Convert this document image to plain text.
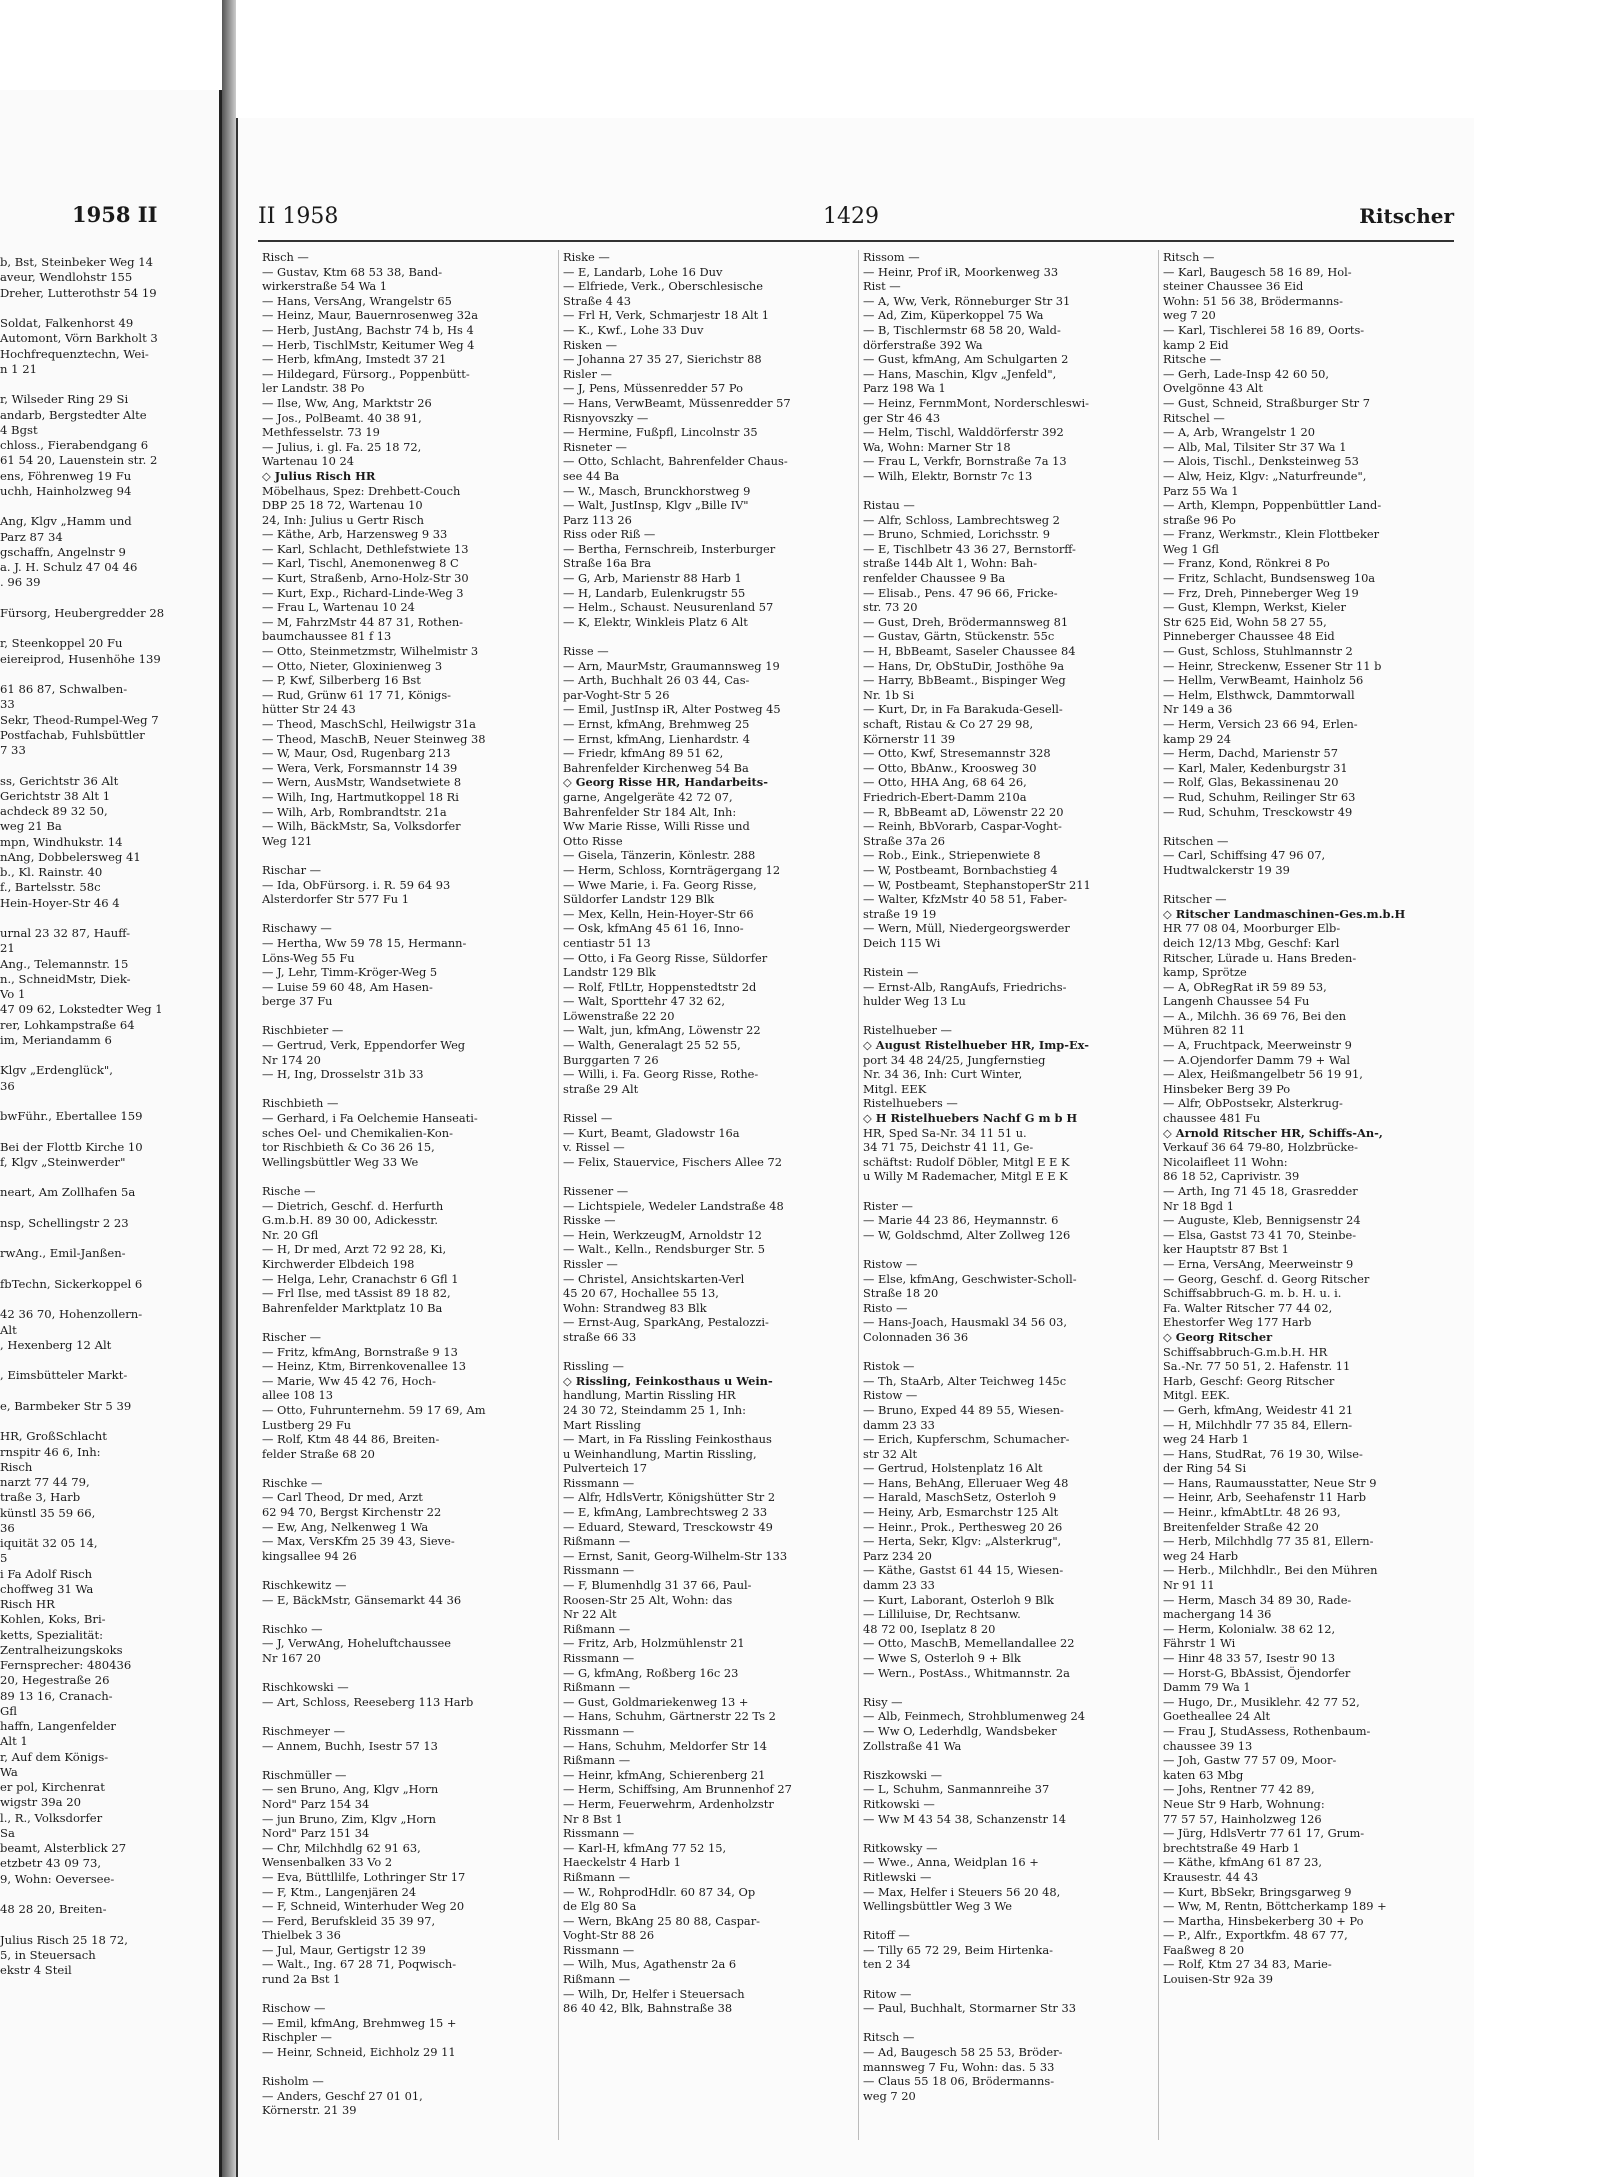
1958 II
b, Bst, Steinbeker Weg 14
aveur, Wendlohstr 155
Dreher, Lutterothstr 54 19

Soldat, Falkenhorst 49
Automont, Vörn Barkholt 3
Hochfrequenztechn, Wei-
n 1 21

r, Wilseder Ring 29 Si
andarb, Bergstedter Alte
4 Bgst
chloss., Fierabendgang 6
61 54 20, Lauenstein str. 2
ens, Föhrenweg 19 Fu
uchh, Hainholzweg 94

Ang, Klgv „Hamm und
Parz 87 34
gschaffn, Angelnstr 9
a. J. H. Schulz 47 04 46
. 96 39

Fürsorg, Heubergredder 28

r, Steenkoppel 20 Fu
eiereiprod, Husenhöhe 139

61 86 87, Schwalben-
33
Sekr, Theod-Rumpel-Weg 7
Postfachab, Fuhlsbüttler
7 33

ss, Gerichtstr 36 Alt
Gerichtstr 38 Alt 1
achdeck 89 32 50,
weg 21 Ba
mpn, Windhukstr. 14
nAng, Dobbelersweg 41
b., Kl. Rainstr. 40
f., Bartelsstr. 58c
Hein-Hoyer-Str 46 4

urnal 23 32 87, Hauff-
21
Ang., Telemannstr. 15
n., SchneidMstr, Diek-
Vo 1
47 09 62, Lokstedter Weg 1
rer, Lohkampstraße 64
im, Meriandamm 6

Klgv „Erdenglück",
36

bwFühr., Ebertallee 159

Bei der Flottb Kirche 10
f, Klgv „Steinwerder"

neart, Am Zollhafen 5a

nsp, Schellingstr 2 23

rwAng., Emil-Janßen-

fbTechn, Sickerkoppel 6

42 36 70, Hohenzollern-
Alt
, Hexenberg 12 Alt

, Eimsbütteler Markt-

e, Barmbeker Str 5 39

HR, GroßSchlacht
rnspitr 46 6, Inh:
Risch
narzt 77 44 79,
traße 3, Harb
künstl 35 59 66,
36
iquität 32 05 14,
5
i Fa Adolf Risch
choffweg 31 Wa
Risch HR
Kohlen, Koks, Bri-
ketts, Spezialität:
Zentralheizungskoks
Fernsprecher: 480436
20, Hegestraße 26
89 13 16, Cranach-
Gfl
haffn, Langenfelder
Alt 1
r, Auf dem Königs-
Wa
er pol, Kirchenrat
wigstr 39a 20
l., R., Volksdorfer
Sa
beamt, Alsterblick 27
etzbetr 43 09 73,
9, Wohn: Oeversee-

48 28 20, Breiten-

Julius Risch 25 18 72,
5, in Steuersach
ekstr 4 Steil
II 1958	1429	Ritscher
Risch —
— Gustav, Ktm 68 53 38, Band-
wirkerstraße 54 Wa 1
— Hans, VersAng, Wrangelstr 65
— Heinz, Maur, Bauernrosenweg 32a
— Herb, JustAng, Bachstr 74 b, Hs 4
— Herb, TischlMstr, Keitumer Weg 4
— Herb, kfmAng, Imstedt 37 21
— Hildegard, Fürsorg., Poppenbütt-
ler Landstr. 38 Po
— Ilse, Ww, Ang, Marktstr 26
— Jos., PolBeamt. 40 38 91,
Methfesselstr. 73 19
— Julius, i. gl. Fa. 25 18 72,
Wartenau 10 24
◇ Julius Risch HR
Möbelhaus, Spez: Drehbett-Couch
DBP 25 18 72, Wartenau 10
24, Inh: Julius u Gertr Risch
— Käthe, Arb, Harzensweg 9 33
— Karl, Schlacht, Dethlefstwiete 13
— Karl, Tischl, Anemonenweg 8 C
— Kurt, Straßenb, Arno-Holz-Str 30
— Kurt, Exp., Richard-Linde-Weg 3
— Frau L, Wartenau 10 24
— M, FahrzMstr 44 87 31, Rothen-
baumchaussee 81 f 13
— Otto, Steinmetzmstr, Wilhelmistr 3
— Otto, Nieter, Gloxinienweg 3
— P, Kwf, Silberberg 16 Bst
— Rud, Grünw 61 17 71, Königs-
hütter Str 24 43
— Theod, MaschSchl, Heilwigstr 31a
— Theod, MaschB, Neuer Steinweg 38
— W, Maur, Osd, Rugenbarg 213
— Wera, Verk, Forsmannstr 14 39
— Wern, AusMstr, Wandsetwiete 8
— Wilh, Ing, Hartmutkoppel 18 Ri
— Wilh, Arb, Rombrandtstr. 21a
— Wilh, BäckMstr, Sa, Volksdorfer
Weg 121

Rischar —
— Ida, ObFürsorg. i. R. 59 64 93
Alsterdorfer Str 577 Fu 1

Rischawy —
— Hertha, Ww 59 78 15, Hermann-
Löns-Weg 55 Fu
— J, Lehr, Timm-Kröger-Weg 5
— Luise 59 60 48, Am Hasen-
berge 37 Fu

Rischbieter —
— Gertrud, Verk, Eppendorfer Weg
Nr 174 20
— H, Ing, Drosselstr 31b 33

Rischbieth —
— Gerhard, i Fa Oelchemie Hanseati-
sches Oel- und Chemikalien-Kon-
tor Rischbieth & Co 36 26 15,
Wellingsbüttler Weg 33 We

Rische —
— Dietrich, Geschf. d. Herfurth
G.m.b.H. 89 30 00, Adickesstr.
Nr. 20 Gfl
— H, Dr med, Arzt 72 92 28, Ki,
Kirchwerder Elbdeich 198
— Helga, Lehr, Cranachstr 6 Gfl 1
— Frl Ilse, med tAssist 89 18 82,
Bahrenfelder Marktplatz 10 Ba

Rischer —
— Fritz, kfmAng, Bornstraße 9 13
— Heinz, Ktm, Birrenkovenallee 13
— Marie, Ww 45 42 76, Hoch-
allee 108 13
— Otto, Fuhrunternehm. 59 17 69, Am
Lustberg 29 Fu
— Rolf, Ktm 48 44 86, Breiten-
felder Straße 68 20

Rischke —
— Carl Theod, Dr med, Arzt
62 94 70, Bergst Kirchenstr 22
— Ew, Ang, Nelkenweg 1 Wa
— Max, VersKfm 25 39 43, Sieve-
kingsallee 94 26

Rischkewitz —
— E, BäckMstr, Gänsemarkt 44 36

Rischko —
— J, VerwAng, Hoheluftchaussee
Nr 167 20

Rischkowski —
— Art, Schloss, Reeseberg 113 Harb

Rischmeyer —
— Annem, Buchh, Isestr 57 13

Rischmüller —
— sen Bruno, Ang, Klgv „Horn
Nord" Parz 154 34
— jun Bruno, Zim, Klgv „Horn
Nord" Parz 151 34
— Chr, Milchhdlg 62 91 63,
Wensenbalken 33 Vo 2
— Eva, Büttllilfe, Lothringer Str 17
— F, Ktm., Langenjären 24
— F, Schneid, Winterhuder Weg 20
— Ferd, Berufskleid 35 39 97,
Thielbek 3 36
— Jul, Maur, Gertigstr 12 39
— Walt., Ing. 67 28 71, Poqwisch-
rund 2a Bst 1

Rischow —
— Emil, kfmAng, Brehmweg 15 +
Rischpler —
— Heinr, Schneid, Eichholz 29 11

Risholm —
— Anders, Geschf 27 01 01,
Körnerstr. 21 39
Riske —
— E, Landarb, Lohe 16 Duv
— Elfriede, Verk., Oberschlesische
Straße 4 43
— Frl H, Verk, Schmarjestr 18 Alt 1
— K., Kwf., Lohe 33 Duv
Risken —
— Johanna 27 35 27, Sierichstr 88
Risler —
— J, Pens, Müssenredder 57 Po
— Hans, VerwBeamt, Müssenredder 57
Risnyovszky —
— Hermine, Fußpfl, Lincolnstr 35
Risneter —
— Otto, Schlacht, Bahrenfelder Chaus-
see 44 Ba
— W., Masch, Brunckhorstweg 9
— Walt, JustInsp, Klgv „Bille IV"
Parz 113 26
Riss oder Riß —
— Bertha, Fernschreib, Insterburger
Straße 16a Bra
— G, Arb, Marienstr 88 Harb 1
— H, Landarb, Eulenkrugstr 55
— Helm., Schaust. Neusurenland 57
— K, Elektr, Winkleis Platz 6 Alt

Risse —
— Arn, MaurMstr, Graumannsweg 19
— Arth, Buchhalt 26 03 44, Cas-
par-Voght-Str 5 26
— Emil, JustInsp iR, Alter Postweg 45
— Ernst, kfmAng, Brehmweg 25
— Ernst, kfmAng, Lienhardstr. 4
— Friedr, kfmAng 89 51 62,
Bahrenfelder Kirchenweg 54 Ba
◇ Georg Risse HR, Handarbeits-
garne, Angelgeräte 42 72 07,
Bahrenfelder Str 184 Alt, Inh:
Ww Marie Risse, Willi Risse und
Otto Risse
— Gisela, Tänzerin, Könlestr. 288
— Herm, Schloss, Kornträgergang 12
— Wwe Marie, i. Fa. Georg Risse,
Süldorfer Landstr 129 Blk
— Mex, Kelln, Hein-Hoyer-Str 66
— Osk, kfmAng 45 61 16, Inno-
centiastr 51 13
— Otto, i Fa Georg Risse, Süldorfer
Landstr 129 Blk
— Rolf, FtlLtr, Hoppenstedtstr 2d
— Walt, Sporttehr 47 32 62,
Löwenstraße 22 20
— Walt, jun, kfmAng, Löwenstr 22
— Walth, Generalagt 25 52 55,
Burggarten 7 26
— Willi, i. Fa. Georg Risse, Rothe-
straße 29 Alt

Rissel —
— Kurt, Beamt, Gladowstr 16a
v. Rissel —
— Felix, Stauervice, Fischers Allee 72

Rissener —
— Lichtspiele, Wedeler Landstraße 48
Risske —
— Hein, WerkzeugM, Arnoldstr 12
— Walt., Kelln., Rendsburger Str. 5
Rissler —
— Christel, Ansichtskarten-Verl
45 20 67, Hochallee 55 13,
Wohn: Strandweg 83 Blk
— Ernst-Aug, SparkAng, Pestalozzi-
straße 66 33

Rissling —
◇ Rissling, Feinkosthaus u Wein-
handlung, Martin Rissling HR
24 30 72, Steindamm 25 1, Inh:
Mart Rissling
— Mart, in Fa Rissling Feinkosthaus
u Weinhandlung, Martin Rissling,
Pulverteich 17
Rissmann —
— Alfr, HdlsVertr, Königshütter Str 2
— E, kfmAng, Lambrechtsweg 2 33
— Eduard, Steward, Tresckowstr 49
Rißmann —
— Ernst, Sanit, Georg-Wilhelm-Str 133
Rissmann —
— F, Blumenhdlg 31 37 66, Paul-
Roosen-Str 25 Alt, Wohn: das
Nr 22 Alt
Rißmann —
— Fritz, Arb, Holzmühlenstr 21
Rissmann —
— G, kfmAng, Roßberg 16c 23
Rißmann —
— Gust, Goldmariekenweg 13 +
— Hans, Schuhm, Gärtnerstr 22 Ts 2
Rissmann —
— Hans, Schuhm, Meldorfer Str 14
Rißmann —
— Heinr, kfmAng, Schierenberg 21
— Herm, Schiffsing, Am Brunnenhof 27
— Herm, Feuerwehrm, Ardenholzstr
Nr 8 Bst 1
Rissmann —
— Karl-H, kfmAng 77 52 15,
Haeckelstr 4 Harb 1
Rißmann —
— W., RohprodHdlr. 60 87 34, Op
de Elg 80 Sa
— Wern, BkAng 25 80 88, Caspar-
Voght-Str 88 26
Rissmann —
— Wilh, Mus, Agathenstr 2a 6
Rißmann —
— Wilh, Dr, Helfer i Steuersach
86 40 42, Blk, Bahnstraße 38
Rissom —
— Heinr, Prof iR, Moorkenweg 33
Rist —
— A, Ww, Verk, Rönneburger Str 31
— Ad, Zim, Küperkoppel 75 Wa
— B, Tischlermstr 68 58 20, Wald-
dörferstraße 392 Wa
— Gust, kfmAng, Am Schulgarten 2
— Hans, Maschin, Klgv „Jenfeld",
Parz 198 Wa 1
— Heinz, FernmMont, Norderschleswi-
ger Str 46 43
— Helm, Tischl, Walddörferstr 392
Wa, Wohn: Marner Str 18
— Frau L, Verkfr, Bornstraße 7a 13
— Wilh, Elektr, Bornstr 7c 13

Ristau —
— Alfr, Schloss, Lambrechtsweg 2
— Bruno, Schmied, Lorichsstr. 9
— E, Tischlbetr 43 36 27, Bernstorff-
straße 144b Alt 1, Wohn: Bah-
renfelder Chaussee 9 Ba
— Elisab., Pens. 47 96 66, Fricke-
str. 73 20
— Gust, Dreh, Brödermannsweg 81
— Gustav, Gärtn, Stückenstr. 55c
— H, BbBeamt, Saseler Chaussee 84
— Hans, Dr, ObStuDir, Josthöhe 9a
— Harry, BbBeamt., Bispinger Weg
Nr. 1b Si
— Kurt, Dr, in Fa Barakuda-Gesell-
schaft, Ristau & Co 27 29 98,
Körnerstr 11 39
— Otto, Kwf, Stresemannstr 328
— Otto, BbAnw., Kroosweg 30
— Otto, HHA Ang, 68 64 26,
Friedrich-Ebert-Damm 210a
— R, BbBeamt aD, Löwenstr 22 20
— Reinh, BbVorarb, Caspar-Voght-
Straße 37a 26
— Rob., Eink., Striepenwiete 8
— W, Postbeamt, Bornbachstieg 4
— W, Postbeamt, StephanstoperStr 211
— Walter, KfzMstr 40 58 51, Faber-
straße 19 19
— Wern, Müll, Niedergeorgswerder
Deich 115 Wi

Ristein —
— Ernst-Alb, RangAufs, Friedrichs-
hulder Weg 13 Lu

Ristelhueber —
◇ August Ristelhueber HR, Imp-Ex-
port 34 48 24/25, Jungfernstieg
Nr. 34 36, Inh: Curt Winter,
Mitgl. EEK
Ristelhuebers —
◇ H Ristelhuebers Nachf G m b H
HR, Sped Sa-Nr. 34 11 51 u.
34 71 75, Deichstr 41 11, Ge-
schäftst: Rudolf Döbler, Mitgl E E K
u Willy M Rademacher, Mitgl E E K

Rister —
— Marie 44 23 86, Heymannstr. 6
— W, Goldschmd, Alter Zollweg 126

Ristow —
— Else, kfmAng, Geschwister-Scholl-
Straße 18 20
Risto —
— Hans-Joach, Hausmakl 34 56 03,
Colonnaden 36 36

Ristok —
— Th, StaArb, Alter Teichweg 145c
Ristow —
— Bruno, Exped 44 89 55, Wiesen-
damm 23 33
— Erich, Kupferschm, Schumacher-
str 32 Alt
— Gertrud, Holstenplatz 16 Alt
— Hans, BehAng, Elleruaer Weg 48
— Harald, MaschSetz, Osterloh 9
— Heiny, Arb, Esmarchstr 125 Alt
— Heinr., Prok., Perthesweg 20 26
— Herta, Sekr, Klgv: „Alsterkrug",
Parz 234 20
— Käthe, Gastst 61 44 15, Wiesen-
damm 23 33
— Kurt, Laborant, Osterloh 9 Blk
— Lilliluise, Dr, Rechtsanw.
48 72 00, Iseplatz 8 20
— Otto, MaschB, Memellandallee 22
— Wwe S, Osterloh 9 + Blk
— Wern., PostAss., Whitmannstr. 2a

Risy —
— Alb, Feinmech, Strohblumenweg 24
— Ww O, Lederhdlg, Wandsbeker
Zollstraße 41 Wa

Riszkowski —
— L, Schuhm, Sanmannreihe 37
Ritkowski —
— Ww M 43 54 38, Schanzenstr 14

Ritkowsky —
— Wwe., Anna, Weidplan 16 +
Ritlewski —
— Max, Helfer i Steuers 56 20 48,
Wellingsbüttler Weg 3 We

Ritoff —
— Tilly 65 72 29, Beim Hirtenka-
ten 2 34

Ritow —
— Paul, Buchhalt, Stormarner Str 33

Ritsch —
— Ad, Baugesch 58 25 53, Bröder-
mannsweg 7 Fu, Wohn: das. 5 33
— Claus 55 18 06, Brödermanns-
weg 7 20
Ritsch —
— Karl, Baugesch 58 16 89, Hol-
steiner Chaussee 36 Eid
Wohn: 51 56 38, Brödermanns-
weg 7 20
— Karl, Tischlerei 58 16 89, Oorts-
kamp 2 Eid
Ritsche —
— Gerh, Lade-Insp 42 60 50,
Ovelgönne 43 Alt
— Gust, Schneid, Straßburger Str 7
Ritschel —
— A, Arb, Wrangelstr 1 20
— Alb, Mal, Tilsiter Str 37 Wa 1
— Alois, Tischl., Denksteinweg 53
— Alw, Heiz, Klgv: „Naturfreunde",
Parz 55 Wa 1
— Arth, Klempn, Poppenbüttler Land-
straße 96 Po
— Franz, Werkmstr., Klein Flottbeker
Weg 1 Gfl
— Franz, Kond, Rönkrei 8 Po
— Fritz, Schlacht, Bundsensweg 10a
— Frz, Dreh, Pinneberger Weg 19
— Gust, Klempn, Werkst, Kieler
Str 625 Eid, Wohn 58 27 55,
Pinneberger Chaussee 48 Eid
— Gust, Schloss, Stuhlmannstr 2
— Heinr, Streckenw, Essener Str 11 b
— Hellm, VerwBeamt, Hainholz 56
— Helm, Elsthwck, Dammtorwall
Nr 149 a 36
— Herm, Versich 23 66 94, Erlen-
kamp 29 24
— Herm, Dachd, Marienstr 57
— Karl, Maler, Kedenburgstr 31
— Rolf, Glas, Bekassinenau 20
— Rud, Schuhm, Reilinger Str 63
— Rud, Schuhm, Tresckowstr 49

Ritschen —
— Carl, Schiffsing 47 96 07,
Hudtwalckerstr 19 39

Ritscher —
◇ Ritscher Landmaschinen-Ges.m.b.H
HR 77 08 04, Moorburger Elb-
deich 12/13 Mbg, Geschf: Karl
Ritscher, Lürade u. Hans Breden-
kamp, Sprötze
— A, ObRegRat iR 59 89 53,
Langenh Chaussee 54 Fu
— A., Milchh. 36 69 76, Bei den
Mühren 82 11
— A, Fruchtpack, Meerweinstr 9
— A.Ojendorfer Damm 79 + Wal
— Alex, Heißmangelbetr 56 19 91,
Hinsbeker Berg 39 Po
— Alfr, ObPostsekr, Alsterkrug-
chaussee 481 Fu
◇ Arnold Ritscher HR, Schiffs-An-,
Verkauf 36 64 79-80, Holzbrücke-
Nicolaifleet 11 Wohn:
86 18 52, Caprivistr. 39
— Arth, Ing 71 45 18, Grasredder
Nr 18 Bgd 1
— Auguste, Kleb, Bennigsenstr 24
— Elsa, Gastst 73 41 70, Steinbe-
ker Hauptstr 87 Bst 1
— Erna, VersAng, Meerweinstr 9
— Georg, Geschf. d. Georg Ritscher
Schiffsabbruch-G. m. b. H. u. i.
Fa. Walter Ritscher 77 44 02,
Ehestorfer Weg 177 Harb
◇ Georg Ritscher
Schiffsabbruch-G.m.b.H. HR
Sa.-Nr. 77 50 51, 2. Hafenstr. 11
Harb, Geschf: Georg Ritscher
Mitgl. EEK.
— Gerh, kfmAng, Weidestr 41 21
— H, Milchhdlr 77 35 84, Ellern-
weg 24 Harb 1
— Hans, StudRat, 76 19 30, Wilse-
der Ring 54 Si
— Hans, Raumausstatter, Neue Str 9
— Heinr, Arb, Seehafenstr 11 Harb
— Heinr., kfmAbtLtr. 48 26 93,
Breitenfelder Straße 42 20
— Herb, Milchhdlg 77 35 81, Ellern-
weg 24 Harb
— Herb., Milchhdlr., Bei den Mühren
Nr 91 11
— Herm, Masch 34 89 30, Rade-
machergang 14 36
— Herm, Kolonialw. 38 62 12,
Fährstr 1 Wi
— Hinr 48 33 57, Isestr 90 13
— Horst-G, BbAssist, Öjendorfer
Damm 79 Wa 1
— Hugo, Dr., Musiklehr. 42 77 52,
Goetheallee 24 Alt
— Frau J, StudAssess, Rothenbaum-
chaussee 39 13
— Joh, Gastw 77 57 09, Moor-
katen 63 Mbg
— Johs, Rentner 77 42 89,
Neue Str 9 Harb, Wohnung:
77 57 57, Hainholzweg 126
— Jürg, HdlsVertr 77 61 17, Grum-
brechtstraße 49 Harb 1
— Käthe, kfmAng 61 87 23,
Krausestr. 44 43
— Kurt, BbSekr, Bringsgarweg 9
— Ww, M, Rentn, Böttcherkamp 189 +
— Martha, Hinsbekerberg 30 + Po
— P., Alfr., Exportkfm. 48 67 77,
Faaßweg 8 20
— Rolf, Ktm 27 34 83, Marie-
Louisen-Str 92a 39
